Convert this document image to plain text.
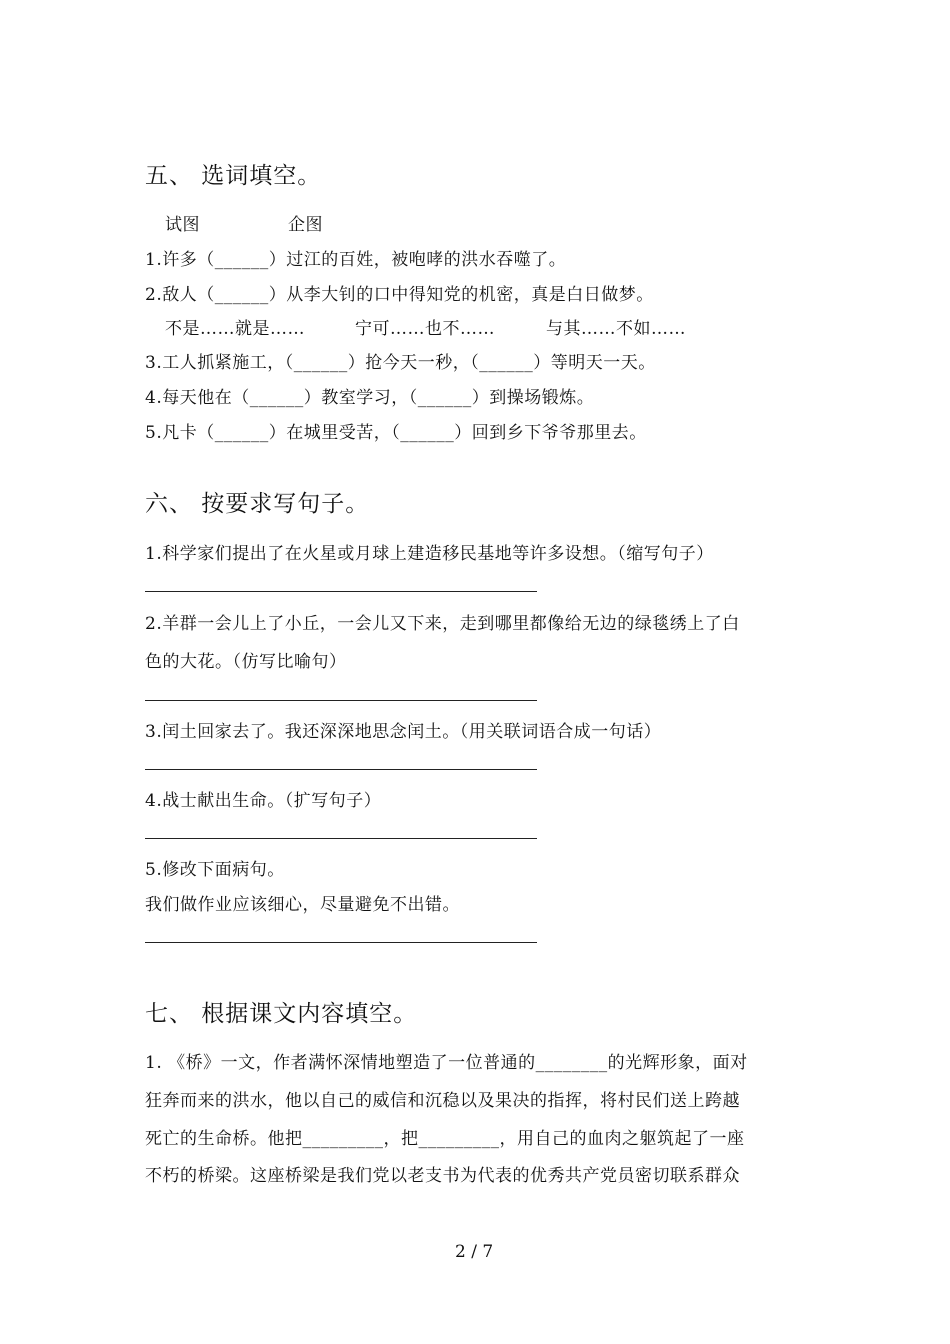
五、 选词填空。
试图	企图
1.许多（______）过江的百姓，被咆哮的洪水吞噬了。
2.敌人（______）从李大钊的口中得知党的机密，真是白日做梦。
不是……就是……	宁可……也不……	与其……不如……
3.工人抓紧施工，（______）抢今天一秒，（______）等明天一天。
4.每天他在（______）教室学习，（______）到操场锻炼。
5.凡卡（______）在城里受苦，（______）回到乡下爷爷那里去。
六、 按要求写句子。
1.科学家们提出了在火星或月球上建造移民基地等许多设想。（缩写句子）
2.羊群一会儿上了小丘，一会儿又下来，走到哪里都像给无边的绿毯绣上了白
色的大花。（仿写比喻句）
3.闰土回家去了。我还深深地思念闰土。（用关联词语合成一句话）
4.战士献出生命。（扩写句子）
5.修改下面病句。
我们做作业应该细心，尽量避免不出错。
七、 根据课文内容填空。
1. 《桥》一文，作者满怀深情地塑造了一位普通的________的光辉形象，面对
狂奔而来的洪水，他以自己的威信和沉稳以及果决的指挥，将村民们送上跨越
死亡的生命桥。他把_________，把_________，用自己的血肉之躯筑起了一座
不朽的桥梁。这座桥梁是我们党以老支书为代表的优秀共产党员密切联系群众
2 / 7
